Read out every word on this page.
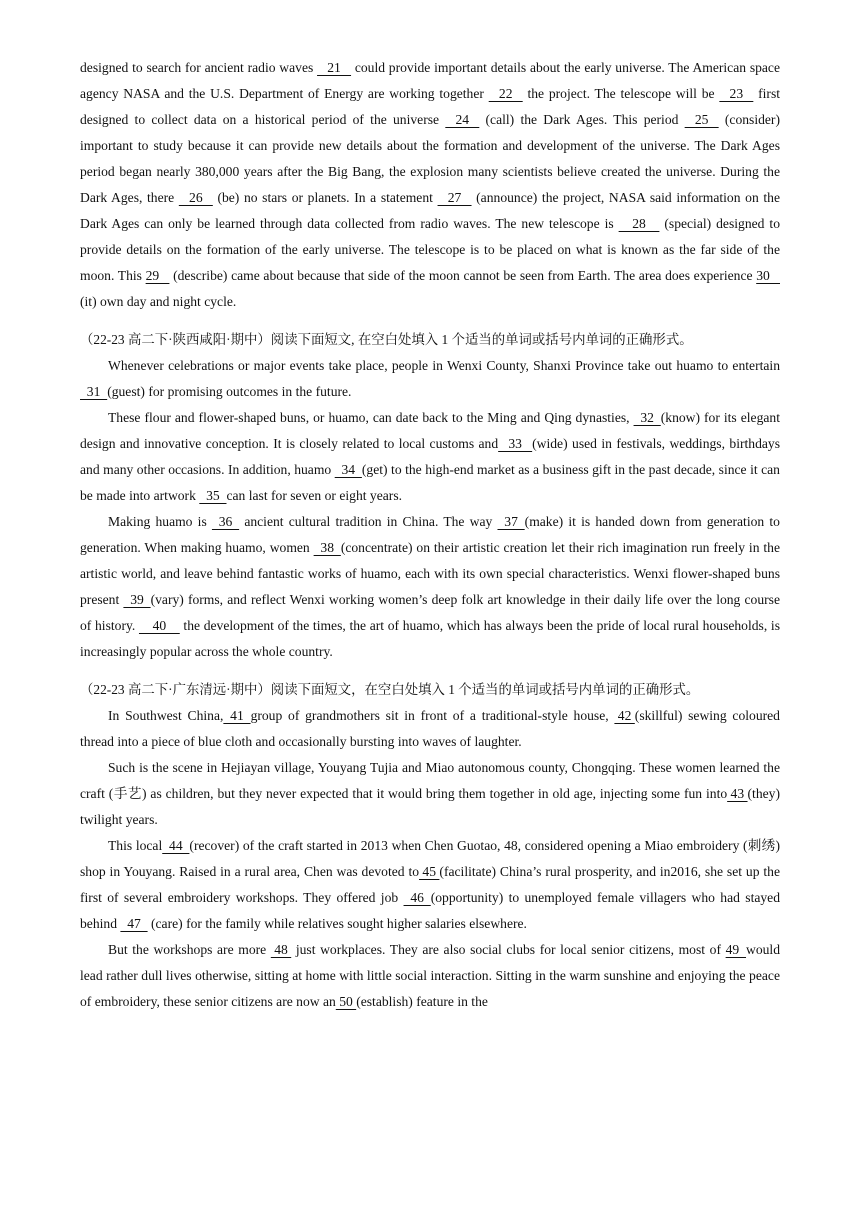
designed to search for ancient radio waves    21    could provide important details about the early universe. The American space agency NASA and the U.S. Department of Energy are working together    22    the project. The telescope will be    23    first designed to collect data on a historical period of the universe    24    (call) the Dark Ages. This period    25    (consider) important to study because it can provide new details about the formation and development of the universe. The Dark Ages period began nearly 380,000 years after the Big Bang, the explosion many scientists believe created the universe. During the Dark Ages, there    26    (be) no stars or planets. In a statement    27    (announce) the project, NASA said information on the Dark Ages can only be learned through data collected from radio waves. The new telescope is     28     (special) designed to provide details on the formation of the early universe. The telescope is to be placed on what is known as the far side of the moon. This 29    (describe) came about because that side of the moon cannot be seen from Earth. The area does experience 30    (it) own day and night cycle.

（22-23 高二下·陕西咸阳·期中）阅读下面短文, 在空白处填入 1 个适当的单词或括号内单词的正确形式。

Whenever celebrations or major events take place, people in Wenxi County, Shanxi Province take out huamo to entertain   31  (guest) for promising outcomes in the future.

These flour and flower-shaped buns, or huamo, can date back to the Ming and Qing dynasties,   32  (know) for its elegant design and innovative conception. It is closely related to local customs and   33   (wide) used in festivals, weddings, birthdays and many other occasions. In addition, huamo   34  (get) to the high-end market as a business gift in the past decade, since it can be made into artwork   35  can last for seven or eight years.

Making huamo is   36   ancient cultural tradition in China. The way   37  (make) it is handed down from generation to generation. When making huamo, women   38  (concentrate) on their artistic creation let their rich imagination run freely in the artistic world, and leave behind fantastic works of huamo, each with its own special characteristics. Wenxi flower-shaped buns present   39  (vary) forms, and reflect Wenxi working women’s deep folk art knowledge in their daily life over the long course of history.     40     the development of the times, the art of huamo, which has always been the pride of local rural households, is increasingly popular across the whole country.

（22-23 高二下·广东清远·期中）阅读下面短文，在空白处填入 1 个适当的单词或括号内单词的正确形式。

In Southwest China,  41  group of grandmothers sit in front of a traditional-style house,  42 (skillful) sewing coloured thread into a piece of blue cloth and occasionally bursting into waves of laughter.

Such is the scene in Hejiayan village, Youyang Tujia and Miao autonomous county, Chongqing. These women learned the craft (手艺) as children, but they never expected that it would bring them together in old age, injecting some fun into 43 (they) twilight years.

This local  44  (recover) of the craft started in 2013 when Chen Guotao, 48, considered opening a Miao embroidery (刺绣) shop in Youyang. Raised in a rural area, Chen was devoted to 45 (facilitate) China’s rural prosperity, and in2016, she set up the first of several embroidery workshops. They offered job   46  (opportunity) to unemployed female villagers who had stayed behind   47   (care) for the family while relatives sought higher salaries elsewhere.

But the workshops are more  48  just workplaces. They are also social clubs for local senior citizens, most of 49  would lead rather dull lives otherwise, sitting at home with little social interaction. Sitting in the warm sunshine and enjoying the peace of embroidery, these senior citizens are now an 50 (establish) feature in the
